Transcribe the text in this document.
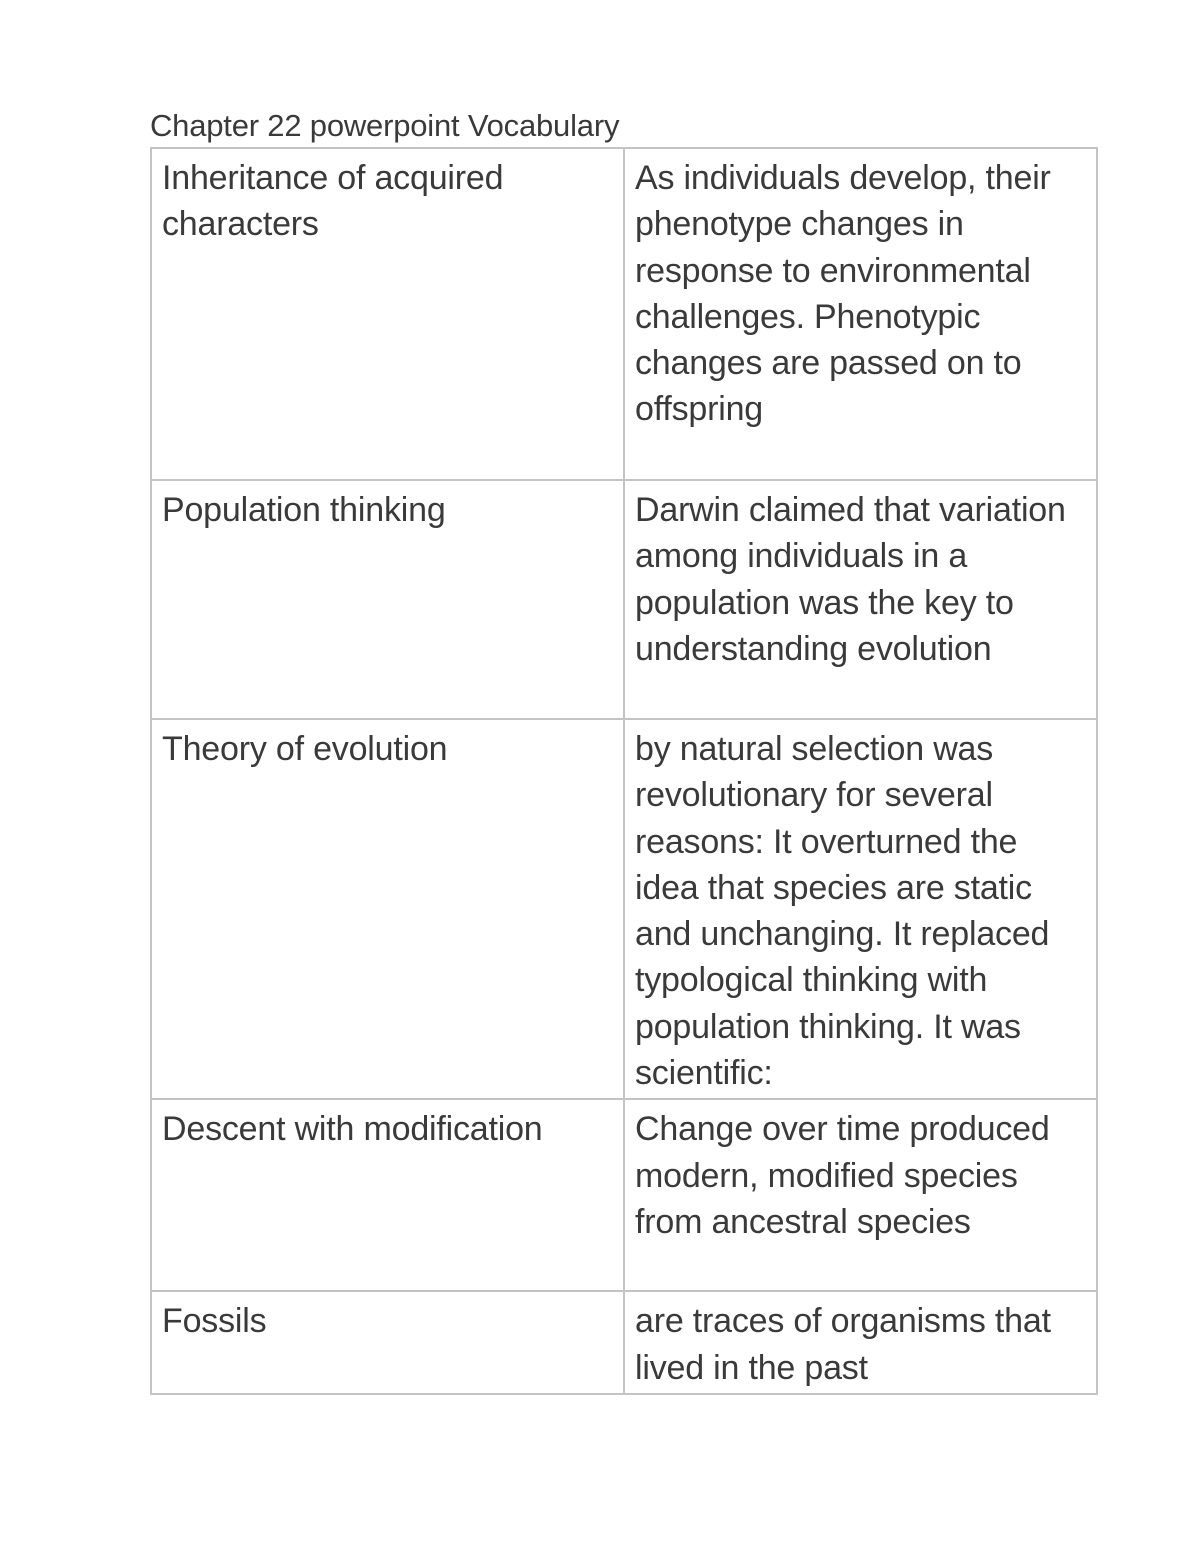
Chapter 22 powerpoint Vocabulary
Inheritance of acquired characters	As individuals develop, their phenotype changes in response to environmental challenges. Phenotypic changes are passed on to offspring
Population thinking	Darwin claimed that variation among individuals in a population was the key to understanding evolution
Theory of evolution	by natural selection was revolutionary for several reasons: It overturned the idea that species are static and unchanging. It replaced typological thinking with population thinking. It was scientific:
Descent with modification	Change over time produced modern, modified species from ancestral species
Fossils	are traces of organisms that lived in the past
